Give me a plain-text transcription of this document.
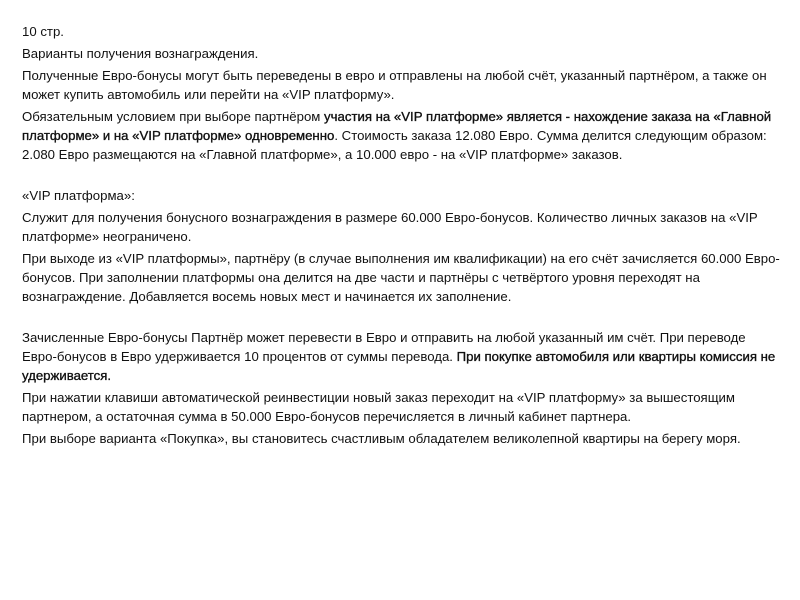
10 стр.

Варианты получения вознаграждения.

Полученные Евро-бонусы могут быть переведены в евро и отправлены на любой счёт, указанный партнёром, а также он может купить автомобиль или перейти на «VIP платформу».

Обязательным условием при выборе партнёром участия на «VIP платформе» является - нахождение заказа на «Главной платформе» и на «VIP платформе» одновременно. Стоимость заказа 12.080 Евро. Сумма делится следующим образом: 2.080 Евро размещаются на «Главной платформе», а 10.000 евро - на «VIP платформе» заказов.

«VIP платформа»:

Служит для получения бонусного вознаграждения в размере 60.000 Евро-бонусов. Количество личных заказов на «VIP платформе» неограничено.

При выходе из «VIP платформы», партнёру (в случае выполнения им квалификации) на его счёт зачисляется 60.000 Евро-бонусов. При заполнении платформы она делится на две части и партнёры с четвёртого уровня переходят на вознаграждение. Добавляется восемь новых мест и начинается их заполнение.

Зачисленные Евро-бонусы Партнёр может перевести в Евро и отправить на любой указанный им счёт. При переводе Евро-бонусов в Евро удерживается 10 процентов от суммы перевода. При покупке автомобиля или квартиры комиссия не удерживается.

При нажатии клавиши автоматической реинвестиции новый заказ переходит на «VIP платформу» за вышестоящим партнером, а остаточная сумма в 50.000 Евро-бонусов перечисляется в личный кабинет партнера.

При выборе варианта «Покупка», вы становитесь счастливым обладателем великолепной квартиры на берегу моря.
